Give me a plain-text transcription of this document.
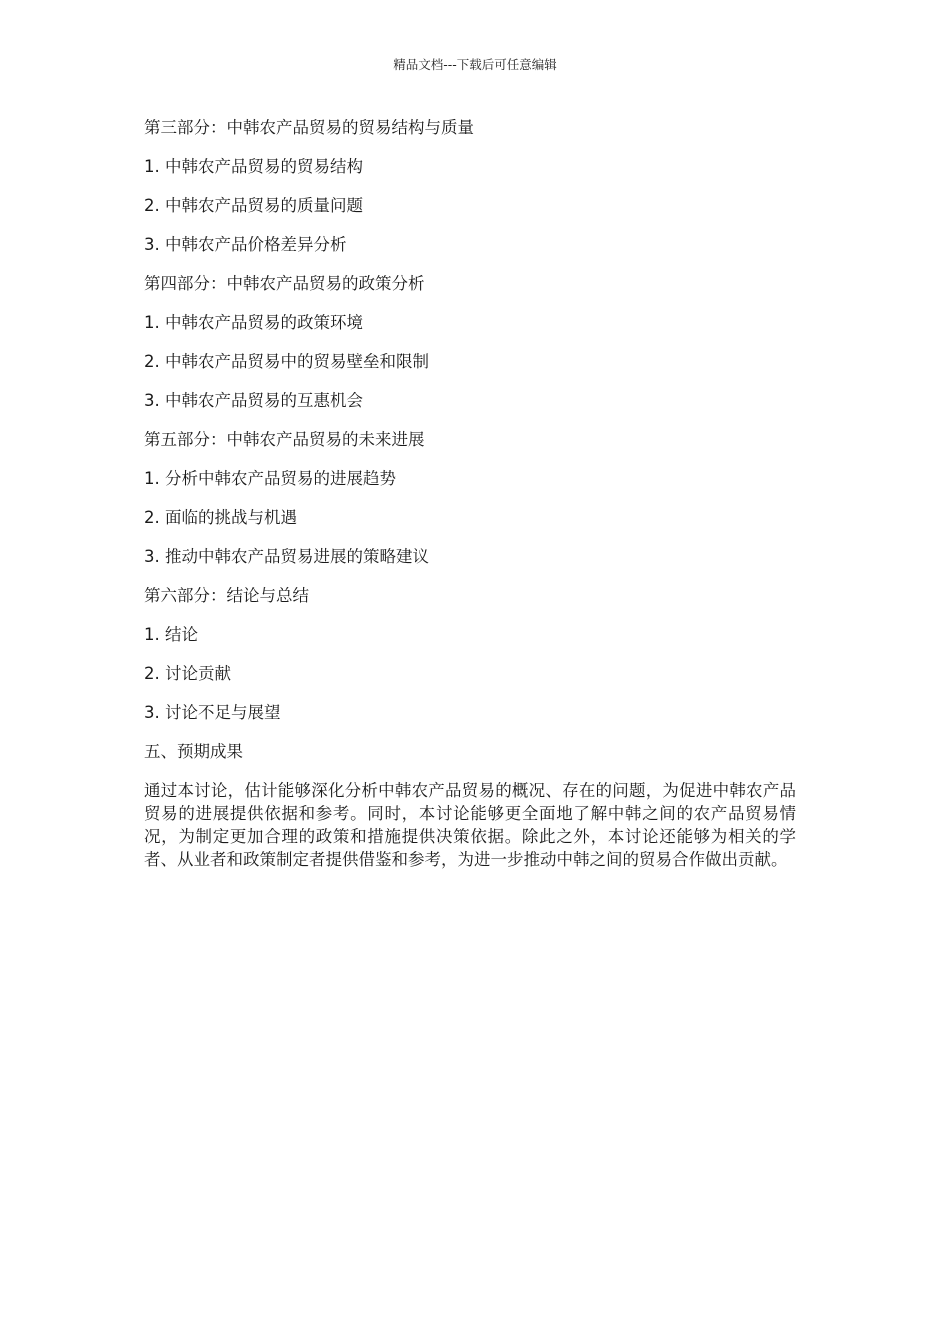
精品文档---下载后可任意编辑

第三部分：中韩农产品贸易的贸易结构与质量

1. 中韩农产品贸易的贸易结构

2. 中韩农产品贸易的质量问题

3. 中韩农产品价格差异分析

第四部分：中韩农产品贸易的政策分析

1. 中韩农产品贸易的政策环境

2. 中韩农产品贸易中的贸易壁垒和限制

3. 中韩农产品贸易的互惠机会

第五部分：中韩农产品贸易的未来进展

1. 分析中韩农产品贸易的进展趋势

2. 面临的挑战与机遇

3. 推动中韩农产品贸易进展的策略建议

第六部分：结论与总结

1. 结论

2. 讨论贡献

3. 讨论不足与展望

五、预期成果

通过本讨论，估计能够深化分析中韩农产品贸易的概况、存在的问题，为促进中韩农产品贸易的进展提供依据和参考。同时，本讨论能够更全面地了解中韩之间的农产品贸易情况，为制定更加合理的政策和措施提供决策依据。除此之外，本讨论还能够为相关的学者、从业者和政策制定者提供借鉴和参考，为进一步推动中韩之间的贸易合作做出贡献。
